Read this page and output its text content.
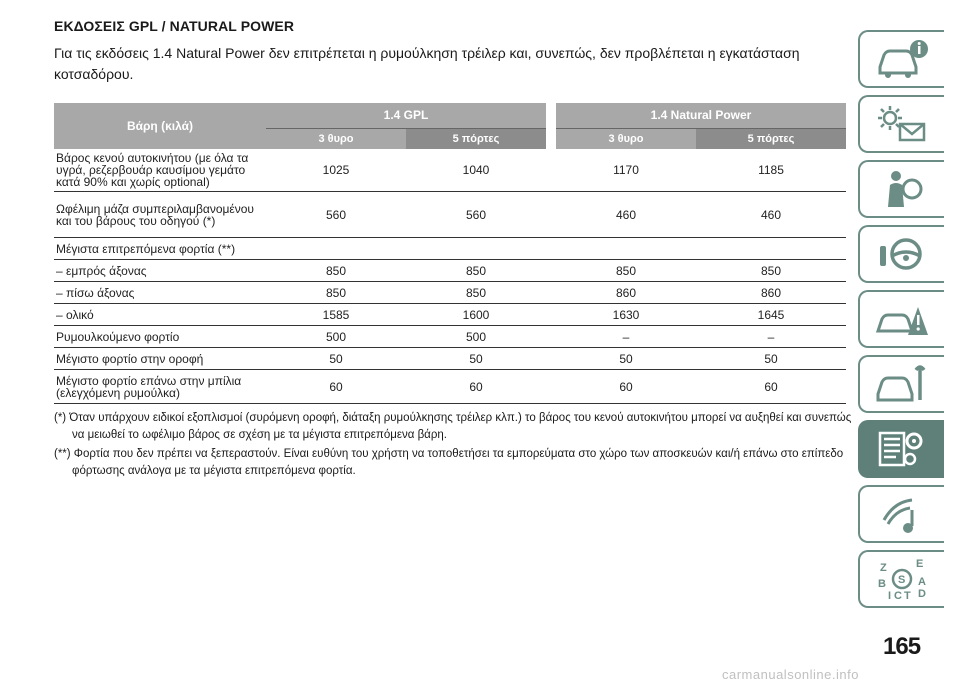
ΕΚΔΟΣΕΙΣ GPL / NATURAL POWER
Για τις εκδόσεις 1.4 Natural Power δεν επιτρέπεται η ρυμούλκηση τρέιλερ και, συνεπώς, δεν προβλέπεται η εγκατάσταση κοτσαδόρου.
Βάρη (κιλά)	1.4 GPL			1.4 Natural Power	
	3 θυρο	5 πόρτες		3 θυρο	5 πόρτες
Βάρος κενού αυτοκινήτου (με όλα τα υγρά, ρεζερβουάρ καυσίμου γεμάτο κατά 90% και χωρίς optional)	1025	1040		1170	1185
Ωφέλιμη μάζα συμπεριλαμβανομένου και του βάρους του οδηγού (*)	560	560		460	460
Μέγιστα επιτρεπόμενα φορτία (**)					
– εμπρός άξονας	850	850		850	850
– πίσω άξονας	850	850		860	860
– ολικό	1585	1600		1630	1645
Ρυμουλκούμενο φορτίο	500	500		–	–
Μέγιστο φορτίο στην οροφή	50	50		50	50
Μέγιστο φορτίο επάνω στην μπίλια (ελεγχόμενη ρυμούλκα)	60	60		60	60

(*) Όταν υπάρχουν ειδικοί εξοπλισμοί (συρόμενη οροφή, διάταξη ρυμούλκησης τρέιλερ κλπ.) το βάρος του κενού αυτοκινήτου μπορεί να αυξηθεί και συνεπώς να μειωθεί το ωφέλιμο βάρος σε σχέση με τα μέγιστα επιτρεπόμενα βάρη.

(**) Φορτία που δεν πρέπει να ξεπεραστούν. Είναι ευθύνη του χρήστη να τοποθετήσει τα εμπορεύματα στο χώρο των αποσκευών και/ή επάνω στο επίπεδο φόρτωσης ανάλογα με τα μέγιστα επιτρεπόμενα φορτία.

Z	E
B S A
I C T D
165
carmanualsonline.info
